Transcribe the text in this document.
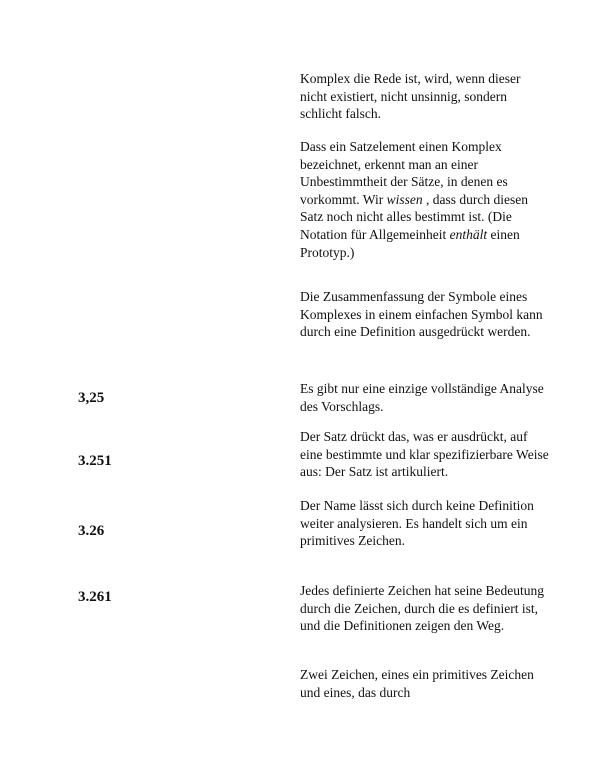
Komplex die Rede ist, wird, wenn dieser nicht existiert, nicht unsinnig, sondern schlicht falsch.

Dass ein Satzelement einen Komplex bezeichnet, erkennt man an einer Unbestimmtheit der Sätze, in denen es vorkommt. Wir wissen , dass durch diesen Satz noch nicht alles bestimmt ist. (Die Notation für Allgemeinheit enthält einen Prototyp.)

Die Zusammenfassung der Symbole eines Komplexes in einem einfachen Symbol kann durch eine Definition ausgedrückt werden.

3,25

Es gibt nur eine einzige vollständige Analyse des Vorschlags.

3.251

Der Satz drückt das, was er ausdrückt, auf eine bestimmte und klar spezifizierbare Weise aus: Der Satz ist artikuliert.

3.26

Der Name lässt sich durch keine Definition weiter analysieren. Es handelt sich um ein primitives Zeichen.

3.261	Jedes definierte Zeichen hat seine Bedeutung durch die Zeichen, durch die es definiert ist, und die Definitionen zeigen den Weg.

Zwei Zeichen, eines ein primitives Zeichen und eines, das durch
